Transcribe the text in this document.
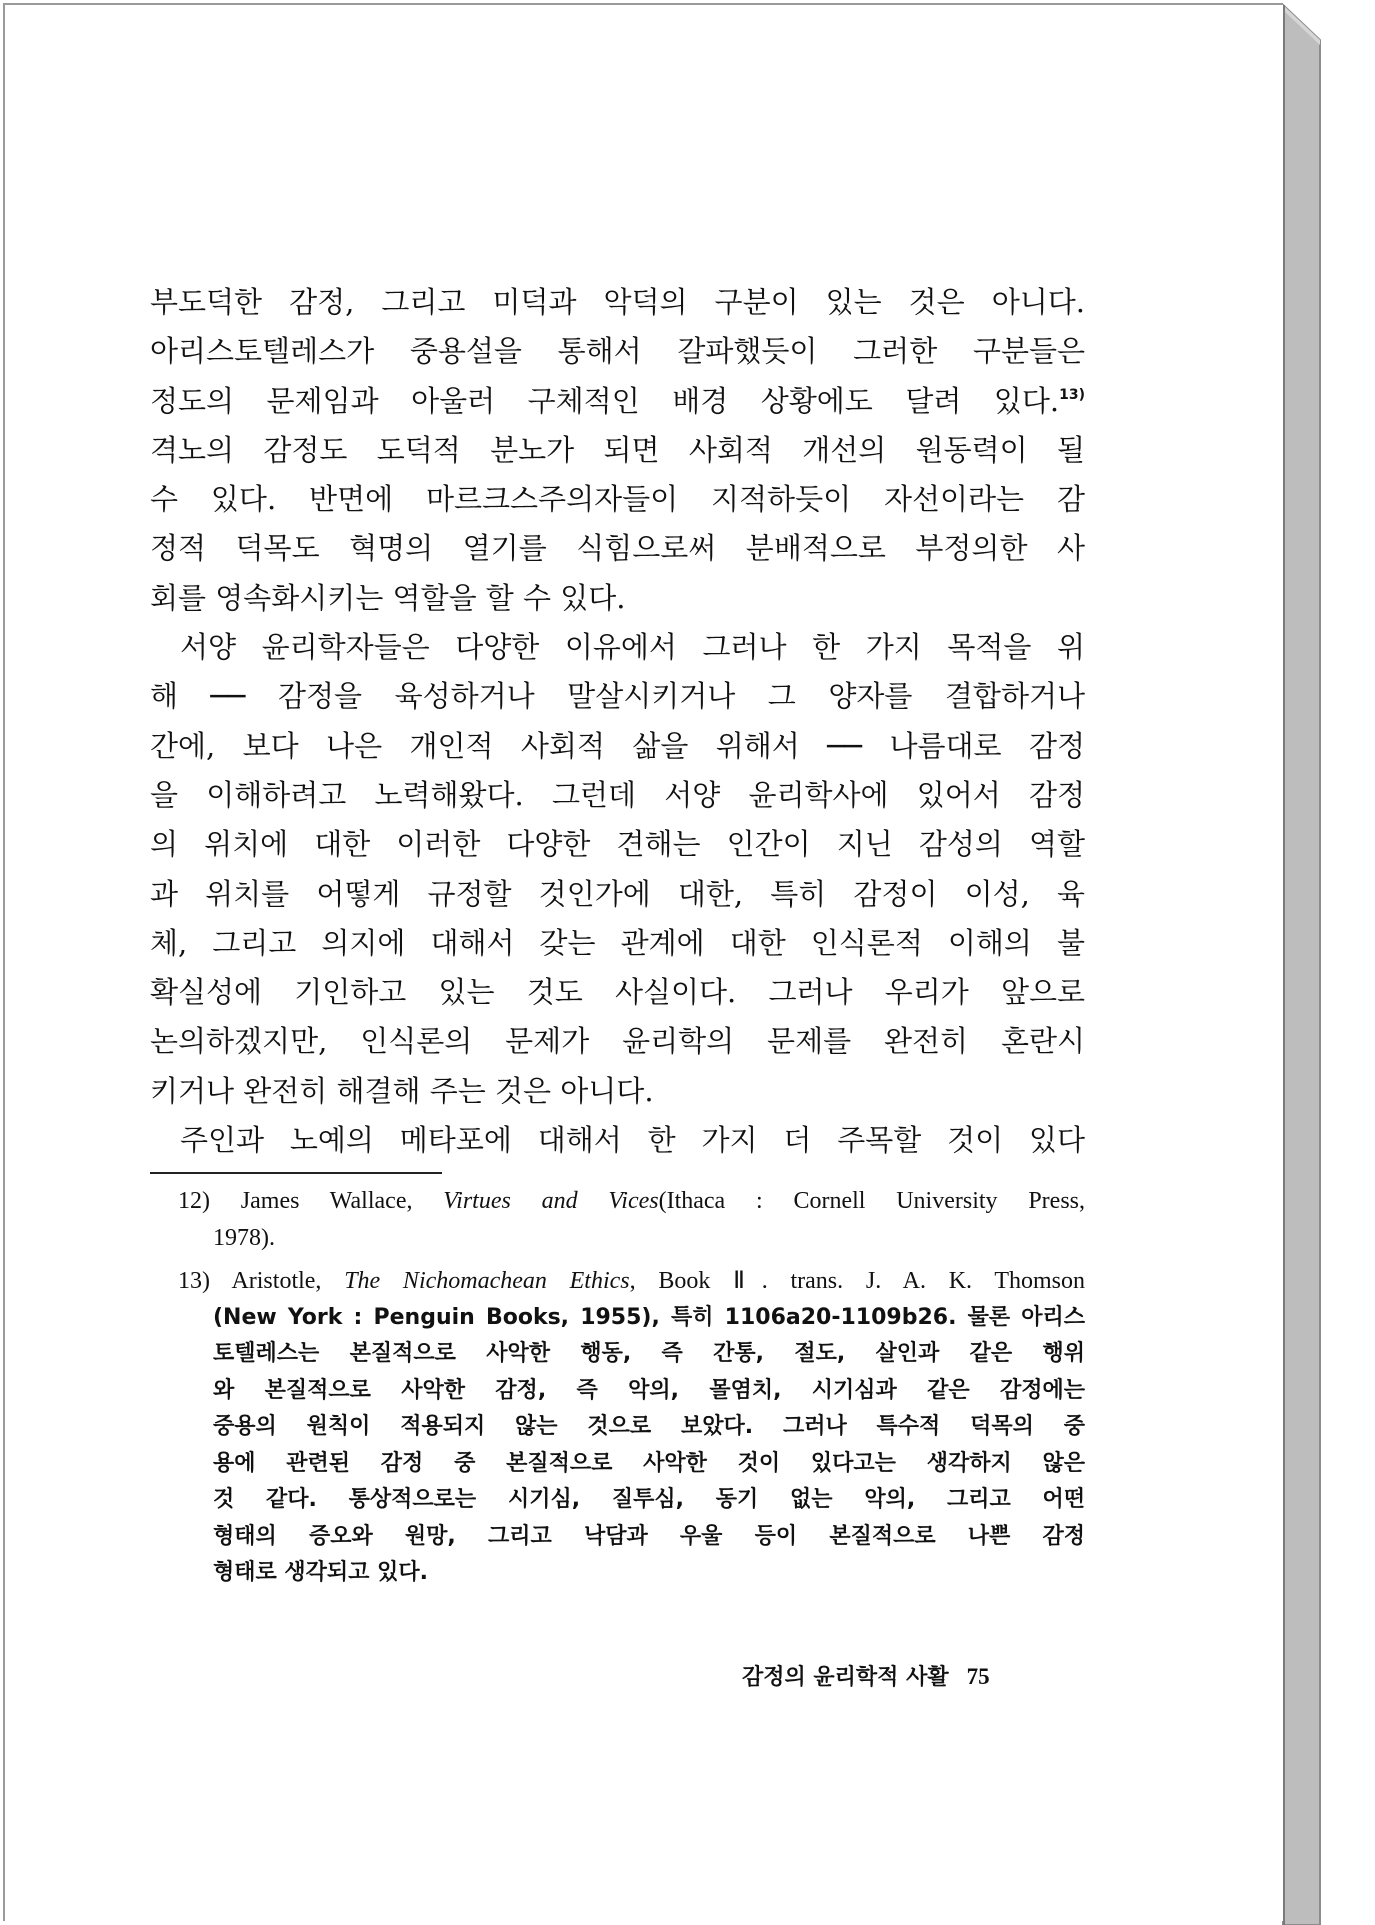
부도덕한 감정, 그리고 미덕과 악덕의 구분이 있는 것은 아니다.
아리스토텔레스가 중용설을 통해서 갈파했듯이 그러한 구분들은
정도의 문제임과 아울러 구체적인 배경 상황에도 달려 있다.$^{13)}$
격노의 감정도 도덕적 분노가 되면 사회적 개선의 원동력이 될
수 있다. 반면에 마르크스주의자들이 지적하듯이 자선이라는 감
정적 덕목도 혁명의 열기를 식힘으로써 분배적으로 부정의한 사
회를 영속화시키는 역할을 할 수 있다.
서양 윤리학자들은 다양한 이유에서 그러나 한 가지 목적을 위
해 ── 감정을 육성하거나 말살시키거나 그 양자를 결합하거나
간에, 보다 나은 개인적 사회적 삶을 위해서 ── 나름대로 감정
을 이해하려고 노력해왔다. 그런데 서양 윤리학사에 있어서 감정
의 위치에 대한 이러한 다양한 견해는 인간이 지닌 감성의 역할
과 위치를 어떻게 규정할 것인가에 대한, 특히 감정이 이성, 육
체, 그리고 의지에 대해서 갖는 관계에 대한 인식론적 이해의 불
확실성에 기인하고 있는 것도 사실이다. 그러나 우리가 앞으로
논의하겠지만, 인식론의 문제가 윤리학의 문제를 완전히 혼란시
키거나 완전히 해결해 주는 것은 아니다.
주인과 노예의 메타포에 대해서 한 가지 더 주목할 것이 있다
12) James Wallace, Virtues and Vices(Ithaca : Cornell University Press,
1978).
13) Aristotle, The Nichomachean Ethics, Book Ⅱ. trans. J. A. K. Thomson
(New York : Penguin Books, 1955), 특히 1106a20-1109b26. 물론 아리스
토텔레스는 본질적으로 사악한 행동, 즉 간통, 절도, 살인과 같은 행위
와 본질적으로 사악한 감정, 즉 악의, 몰염치, 시기심과 같은 감정에는
중용의 원칙이 적용되지 않는 것으로 보았다. 그러나 특수적 덕목의 중
용에 관련된 감정 중 본질적으로 사악한 것이 있다고는 생각하지 않은
것 같다. 통상적으로는 시기심, 질투심, 동기 없는 악의, 그리고 어떤
형태의 증오와 원망, 그리고 낙담과 우울 등이 본질적으로 나쁜 감정
형태로 생각되고 있다.
감정의 윤리학적 사활 75
